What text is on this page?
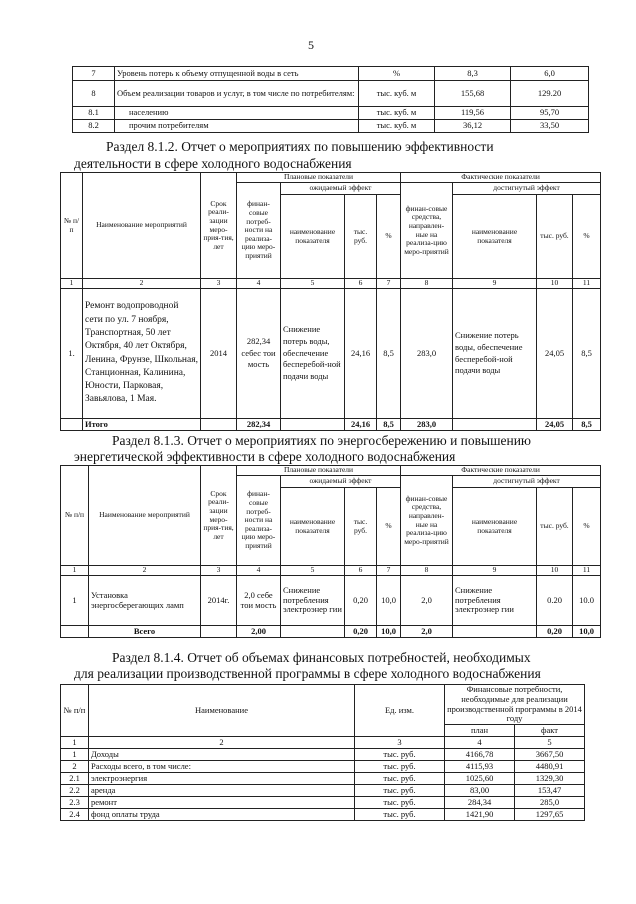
5
7	Уровень потерь к объему отпущенной воды в сеть	%	8,3	6,0
8	Объем реализации товаров и услуг, в том числе по потребителям:	тыс. куб. м	155,68	129.20
8.1	населению	тыс. куб. м	119,56	95,70
8.2	прочим потребителям	тыс. куб. м	36,12	33,50
Раздел 8.1.2. Отчет о мероприятиях по повышению эффективности
деятельности в сфере холодного водоснабжения
№ п/ п	Наименование мероприятий	Срок реали-зации меро-прия-тия, лет	Плановые показатели				Фактические показатели			
			финан-совые потреб-ности на реализа-цию меро-приятий	ожидаемый эффект			финан-совые средства, направлен-ные на реализа-цию меро-приятий	достигнутый эффект		
				наименование показателя	тыс. руб.	%		наименование показателя	тыс. руб.	%
1	2	3	4	5	6	7	8	9	10	11
1.	Ремонт водопроводной сети по ул. 7 ноября, Транспортная, 50 лет Октября, 40 лет Октября, Ленина, Фрунзе, Школьная, Станционная, Калинина, Юности, Парковая, Завьялова, 1 Мая.	2014	282,34 себес тои мость	Снижение потерь воды, обеспечение бесперебой-ной подачи воды	24,16	8,5	283,0	Снижение потерь воды, обеспечение бесперебой-ной подачи воды	24,05	8,5
	Итого		282,34		24,16	8,5	283,0		24,05	8,5
Раздел 8.1.3. Отчет о мероприятиях по энергосбережению и повышению
энергетической эффективности в сфере холодного водоснабжения
№ п/п	Наименование мероприятий	Срок реали-зации меро-прия-тия, лет	Плановые показатели				Фактические показатели			
			финан-совые потреб-ности на реализа-цию меро-приятий	ожидаемый эффект			финан-совые средства, направлен-ные на реализа-цию меро-приятий	достигнутый эффект		
				наименование показателя	тыс. руб.	%		наименование показателя	тыс. руб.	%
1	2	3	4	5	6	7	8	9	10	11
1	Установка энергосберегающих ламп	2014г.	2,0 себе тои мость	Снижение потребления электроэнер гии	0,20	10,0	2,0	Снижение потребления электроэнер гии	0.20	10.0
	Всего		2,00		0,20	10,0	2,0		0,20	10,0
Раздел 8.1.4. Отчет об объемах финансовых потребностей, необходимых
для реализации производственной программы в сфере холодного водоснабжения
№ п/п	Наименование	Ед. изм.	Финансовые потребности, необходимые для реализации производственной программы в 2014 году	
			план	факт
1	2	3	4	5
1	Доходы	тыс. руб.	4166,78	3667,50
2	Расходы всего, в том числе:	тыс. руб.	4115,93	4480,91
2.1	электроэнергия	тыс. руб.	1025,60	1329,30
2.2	аренда	тыс. руб.	83,00	153,47
2.3	ремонт	тыс. руб.	284,34	285,0
2.4	фонд оплаты труда	тыс. руб.	1421,90	1297,65
